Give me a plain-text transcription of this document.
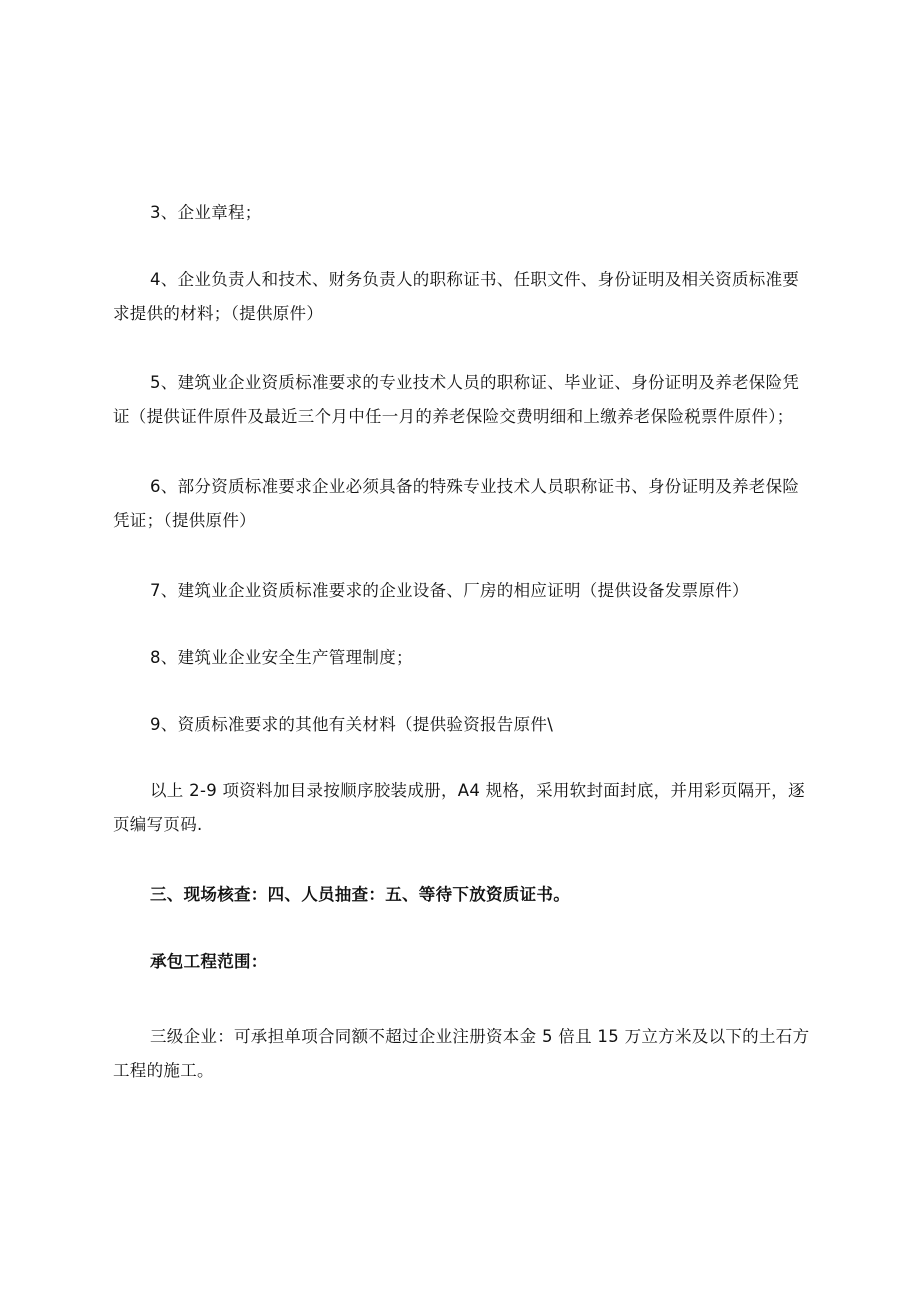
3、企业章程；

4、企业负责人和技术、财务负责人的职称证书、任职文件、身份证明及相关资质标准要求提供的材料；（提供原件）

5、建筑业企业资质标准要求的专业技术人员的职称证、毕业证、身份证明及养老保险凭证（提供证件原件及最近三个月中任一月的养老保险交费明细和上缴养老保险税票件原件）；

6、部分资质标准要求企业必须具备的特殊专业技术人员职称证书、身份证明及养老保险凭证；（提供原件）

7、建筑业企业资质标准要求的企业设备、厂房的相应证明（提供设备发票原件）

8、建筑业企业安全生产管理制度；

9、资质标准要求的其他有关材料（提供验资报告原件\

以上 2-9 项资料加目录按顺序胶装成册，A4 规格，采用软封面封底，并用彩页隔开，逐页编写页码.

三、现场核查：四、人员抽查：五、等待下放资质证书。

承包工程范围：

三级企业：可承担单项合同额不超过企业注册资本金 5 倍且 15 万立方米及以下的土石方工程的施工。
